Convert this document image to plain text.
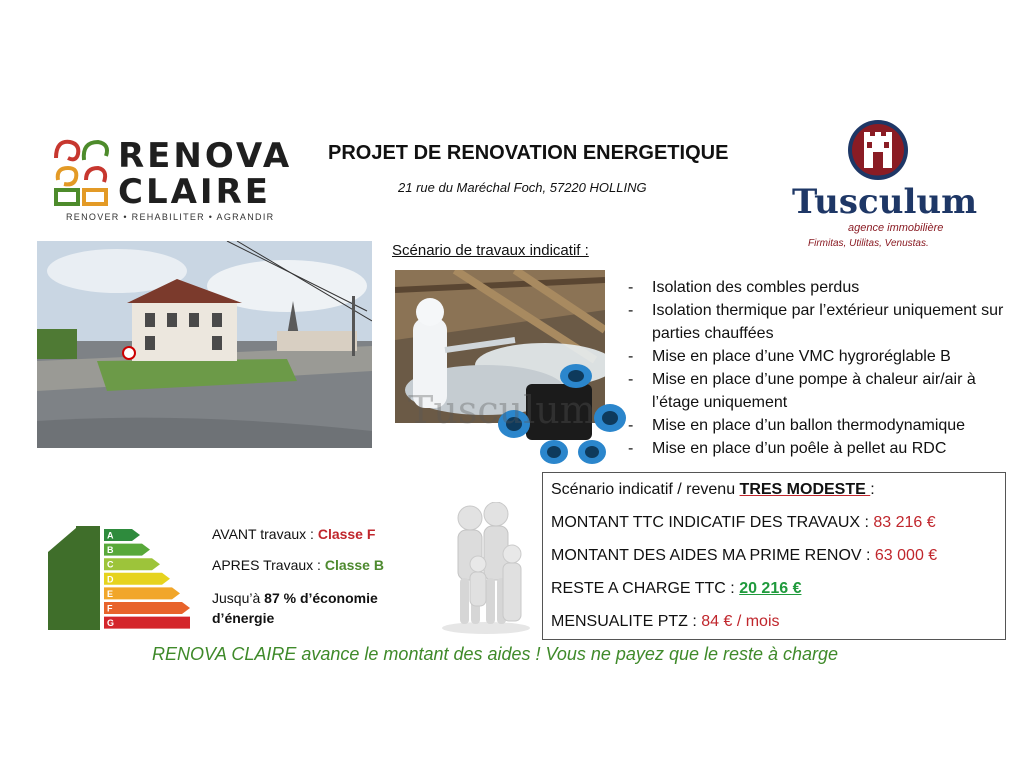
RENOVA
CLAIRE
RENOVER • REHABILITER • AGRANDIR
PROJET DE RENOVATION ENERGETIQUE
21 rue du Maréchal Foch, 57220 HOLLING	Tusculum
agence immobilière
Firmitas, Utilitas, Venustas.
Scénario de travaux indicatif :
Tusculum
- Isolation des combles perdus
- Isolation thermique par l’extérieur uniquement sur parties chauffées
- Mise en place d’une VMC hygroréglable B
- Mise en place d’une pompe à chaleur air/air à l’étage uniquement
- Mise en place d’un ballon thermodynamique
- Mise en place d’un poêle à pellet au RDC
Scénario indicatif / revenu TRES MODESTE :
MONTANT TTC INDICATIF DES TRAVAUX : 83 216 €
MONTANT DES AIDES MA PRIME RENOV : 63 000 €
RESTE A CHARGE TTC : 20 216 €
MENSUALITE PTZ : 84 € / mois
A
B
C
D
E
F
G
AVANT travaux : Classe F
APRES Travaux : Classe B
Jusqu’à 87 % d’économie
d’énergie
RENOVA CLAIRE avance le montant des aides ! Vous ne payez que le reste à charge
